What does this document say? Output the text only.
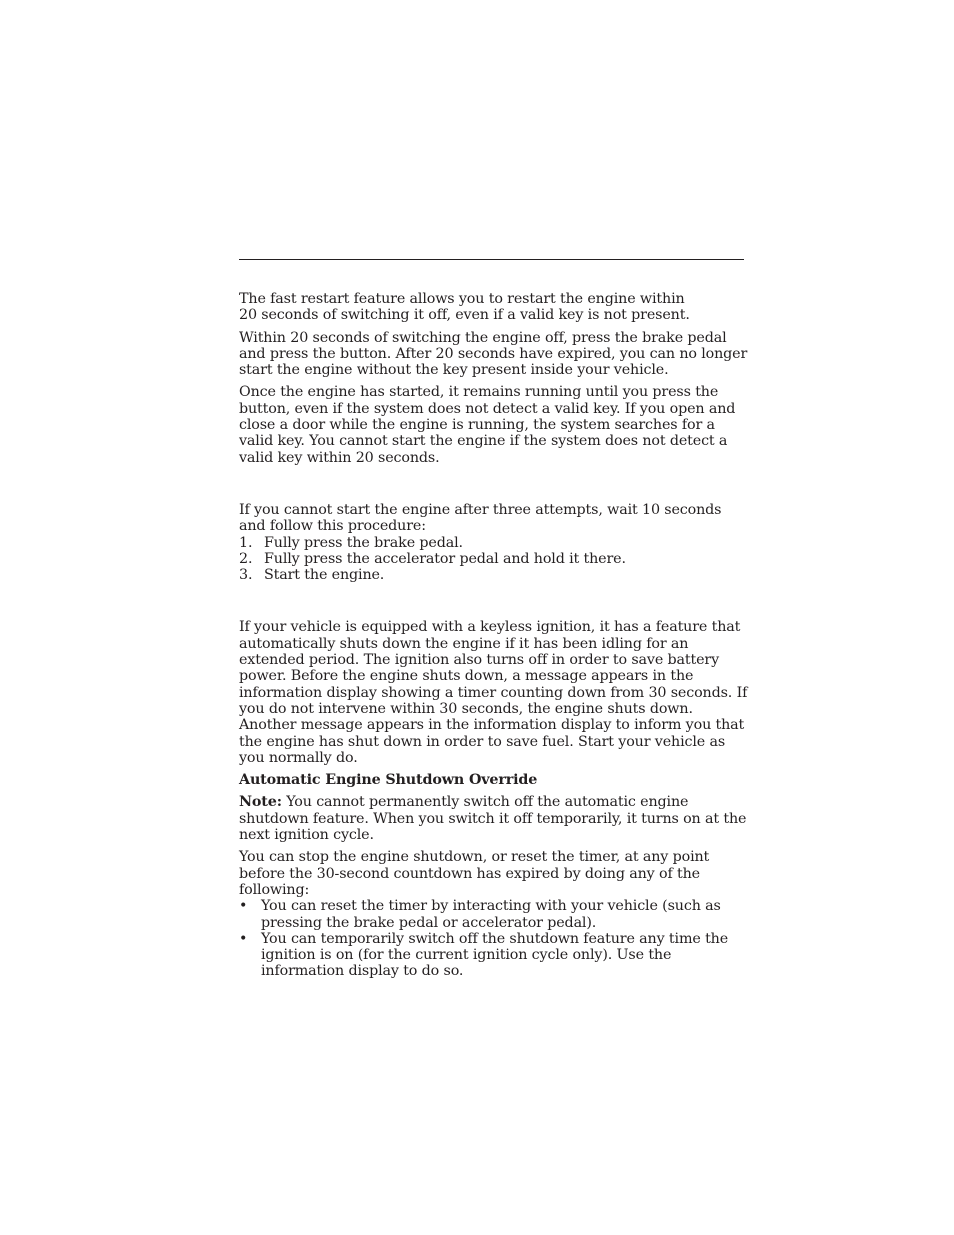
The fast restart feature allows you to restart the engine within
20 seconds of switching it off, even if a valid key is not present.

Within 20 seconds of switching the engine off, press the brake pedal and press the button. After 20 seconds have expired, you can no longer start the engine without the key present inside your vehicle.

Once the engine has started, it remains running until you press the button, even if the system does not detect a valid key. If you open and close a door while the engine is running, the system searches for a valid key. You cannot start the engine if the system does not detect a valid key within 20 seconds.

If you cannot start the engine after three attempts, wait 10 seconds and follow this procedure:

1. Fully press the brake pedal.
2. Fully press the accelerator pedal and hold it there.
3. Start the engine.

If your vehicle is equipped with a keyless ignition, it has a feature that automatically shuts down the engine if it has been idling for an extended period. The ignition also turns off in order to save battery power. Before the engine shuts down, a message appears in the information display showing a timer counting down from 30 seconds. If you do not intervene within 30 seconds, the engine shuts down. Another message appears in the information display to inform you that the engine has shut down in order to save fuel. Start your vehicle as you normally do.

Automatic Engine Shutdown Override

Note: You cannot permanently switch off the automatic engine shutdown feature. When you switch it off temporarily, it turns on at the next ignition cycle.

You can stop the engine shutdown, or reset the timer, at any point before the 30-second countdown has expired by doing any of the following:

• You can reset the timer by interacting with your vehicle (such as pressing the brake pedal or accelerator pedal).
• You can temporarily switch off the shutdown feature any time the ignition is on (for the current ignition cycle only). Use the information display to do so.
